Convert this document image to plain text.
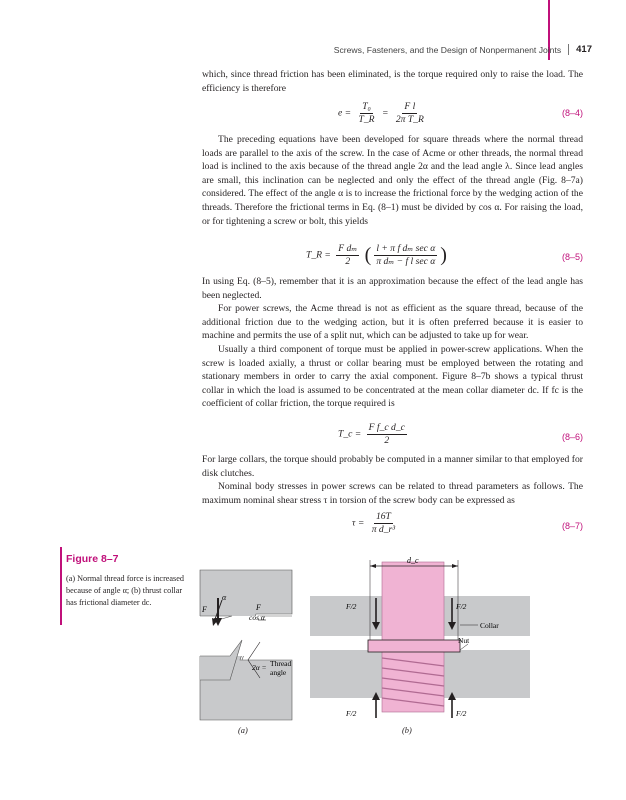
Screws, Fasteners, and the Design of Nonpermanent Joints 417

which, since thread friction has been eliminated, is the torque required only to raise the load. The efficiency is therefore

$e = \frac{\text{T₀}}{T\_R} = \frac{\text{F l}}{\text{2π T\_R}}$	(8–4)

The preceding equations have been developed for square threads where the normal thread loads are parallel to the axis of the screw. In the case of Acme or other threads, the normal thread load is inclined to the axis because of the thread angle 2α and the lead angle λ. Since lead angles are small, this inclination can be neglected and only the effect of the thread angle (Fig. 8–7a) considered. The effect of the angle α is to increase the frictional force by the wedging action of the threads. Therefore the frictional terms in Eq. (8–1) must be divided by cos α. For raising the load, or for tightening a screw or bolt, this yields

T_R = $\frac{\text{F dₘ}}{2}$ ( $\frac{\text{l + π f dₘ sec α}}{\text{π dₘ − f l sec α}}$ )	(8–5)

In using Eq. (8–5), remember that it is an approximation because the effect of the lead angle has been neglected.

For power screws, the Acme thread is not as efficient as the square thread, because of the additional friction due to the wedging action, but it is often preferred because it is easier to machine and permits the use of a split nut, which can be adjusted to take up for wear.

Usually a third component of torque must be applied in power-screw applications. When the screw is loaded axially, a thrust or collar bearing must be employed between the rotating and stationary members in order to carry the axial component. Figure 8–7b shows a typical thrust collar in which the load is assumed to be concentrated at the mean collar diameter dc. If fc is the coefficient of collar friction, the torque required is

T_c = $\frac{\text{F f\_c d\_c}}{2}$	(8–6)

For large collars, the torque should probably be computed in a manner similar to that employed for disk clutches.

Nominal body stresses in power screws can be related to thread parameters as follows. The maximum nominal shear stress τ in torsion of the screw body can be expressed as

$\tau = \frac{16T}{\text{π d\_r³}}$	(8–7)
Figure 8–7
(a) Normal thread force is increased because of angle α; (b) thrust collar has frictional diameter dc.
α
F	F
cos α
2α = Thread
angle
(a)
d_c
F/2	F/2
Collar
Nut
F/2	F/2
(b)
